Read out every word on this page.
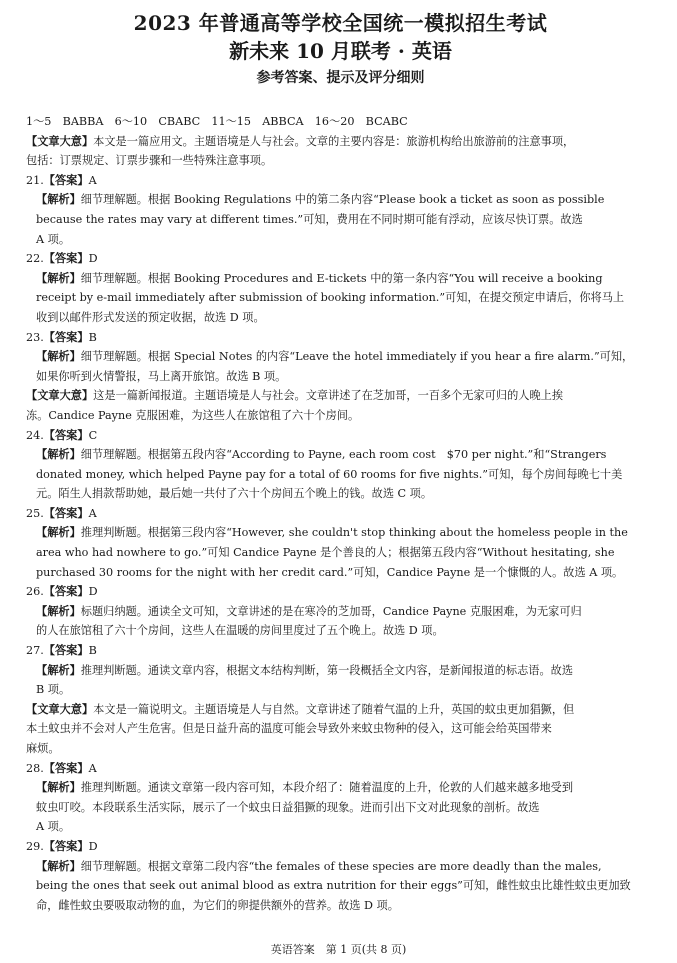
2023 年普通高等学校全国统一模拟招生考试
新未来 10 月联考 · 英语
参考答案、提示及评分细则
1～5　BABBA　6～10　CBABC　11～15　ABBCA　16～20　BCABC
【文章大意】本文是一篇应用文。主题语境是人与社会。文章的主要内容是：旅游机构给出旅游前的注意事项，
包括：订票规定、订票步骤和一些特殊注意事项。
21.【答案】A
【解析】细节理解题。根据 Booking Regulations 中的第二条内容“Please book a ticket as soon as possible
because the rates may vary at different times.”可知，费用在不同时期可能有浮动，应该尽快订票。故选
A 项。
22.【答案】D
【解析】细节理解题。根据 Booking Procedures and E-tickets 中的第一条内容“You will receive a booking
receipt by e-mail immediately after submission of booking information.”可知，在提交预定申请后，你将马上
收到以邮件形式发送的预定收据，故选 D 项。
23.【答案】B
【解析】细节理解题。根据 Special Notes 的内容“Leave the hotel immediately if you hear a fire alarm.”可知，
如果你听到火情警报，马上离开旅馆。故选 B 项。
【文章大意】这是一篇新闻报道。主题语境是人与社会。文章讲述了在芝加哥，一百多个无家可归的人晚上挨
冻。Candice Payne 克服困难，为这些人在旅馆租了六十个房间。
24.【答案】C
【解析】细节理解题。根据第五段内容“According to Payne, each room cost　$70 per night.”和“Strangers
donated money, which helped Payne pay for a total of 60 rooms for five nights.”可知，每个房间每晚七十美
元。陌生人捐款帮助她，最后她一共付了六十个房间五个晚上的钱。故选 C 项。
25.【答案】A
【解析】推理判断题。根据第三段内容“However, she couldn't stop thinking about the homeless people in the
area who had nowhere to go.”可知 Candice Payne 是个善良的人；根据第五段内容“Without hesitating, she
purchased 30 rooms for the night with her credit card.”可知，Candice Payne 是一个慷慨的人。故选 A 项。
26.【答案】D
【解析】标题归纳题。通读全文可知，文章讲述的是在寒冷的芝加哥，Candice Payne 克服困难，为无家可归
的人在旅馆租了六十个房间，这些人在温暖的房间里度过了五个晚上。故选 D 项。
27.【答案】B
【解析】推理判断题。通读文章内容，根据文本结构判断，第一段概括全文内容，是新闻报道的标志语。故选
B 项。
【文章大意】本文是一篇说明文。主题语境是人与自然。文章讲述了随着气温的上升，英国的蚊虫更加猖獗，但
本土蚊虫并不会对人产生危害。但是日益升高的温度可能会导致外来蚊虫物种的侵入，这可能会给英国带来
麻烦。
28.【答案】A
【解析】推理判断题。通读文章第一段内容可知，本段介绍了：随着温度的上升，伦敦的人们越来越多地受到
蚊虫叮咬。本段联系生活实际，展示了一个蚊虫日益猖獗的现象。进而引出下文对此现象的剖析。故选
A 项。
29.【答案】D
【解析】细节理解题。根据文章第二段内容“the females of these species are more deadly than the males,
being the ones that seek out animal blood as extra nutrition for their eggs”可知，雌性蚊虫比雄性蚊虫更加致
命，雌性蚊虫要吸取动物的血，为它们的卵提供额外的营养。故选 D 项。
英语答案　第 1 页(共 8 页)
